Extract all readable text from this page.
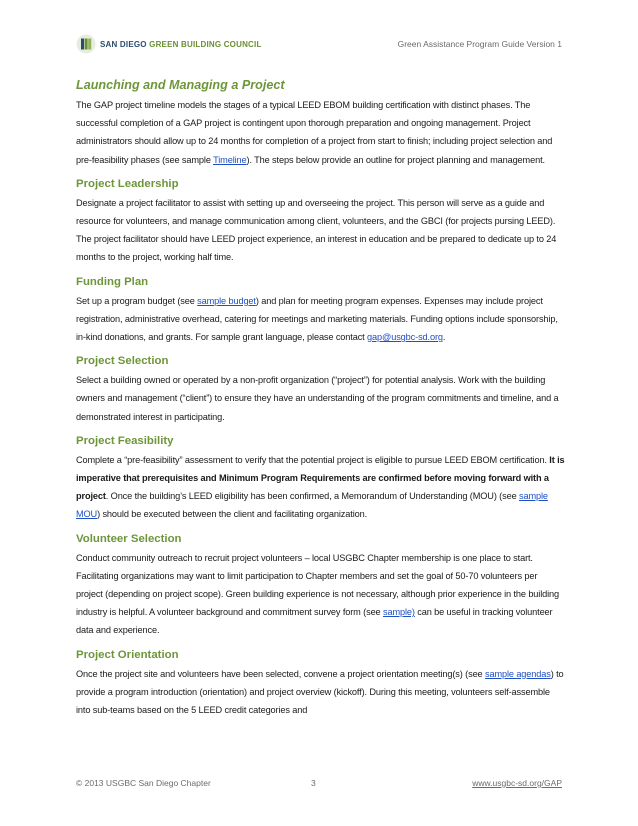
SAN DIEGO GREEN BUILDING COUNCIL	Green Assistance Program Guide Version 1
Launching and Managing a Project

The GAP project timeline models the stages of a typical LEED EBOM building certification with distinct phases. The successful completion of a GAP project is contingent upon thorough preparation and ongoing management. Project administrators should allow up to 24 months for completion of a project from start to finish; including project selection and pre-feasibility phases (see sample Timeline). The steps below provide an outline for project planning and management.

Project Leadership

Designate a project facilitator to assist with setting up and overseeing the project. This person will serve as a guide and resource for volunteers, and manage communication among client, volunteers, and the GBCI (for projects pursing LEED). The project facilitator should have LEED project experience, an interest in education and be prepared to dedicate up to 24 months to the project, working half time.

Funding Plan

Set up a program budget (see sample budget) and plan for meeting program expenses. Expenses may include project registration, administrative overhead, catering for meetings and marketing materials. Funding options include sponsorship, in-kind donations, and grants. For sample grant language, please contact gap@usgbc-sd.org.

Project Selection

Select a building owned or operated by a non-profit organization (“project”) for potential analysis. Work with the building owners and management (“client”) to ensure they have an understanding of the program commitments and timeline, and a demonstrated interest in participating.

Project Feasibility

Complete a “pre-feasibility” assessment to verify that the potential project is eligible to pursue LEED EBOM certification. It is imperative that prerequisites and Minimum Program Requirements are confirmed before moving forward with a project. Once the building’s LEED eligibility has been confirmed, a Memorandum of Understanding (MOU) (see sample MOU) should be executed between the client and facilitating organization.

Volunteer Selection

Conduct community outreach to recruit project volunteers – local USGBC Chapter membership is one place to start. Facilitating organizations may want to limit participation to Chapter members and set the goal of 50-70 volunteers per project (depending on project scope). Green building experience is not necessary, although prior experience in the building industry is helpful. A volunteer background and commitment survey form (see sample) can be useful in tracking volunteer data and experience.

Project Orientation

Once the project site and volunteers have been selected, convene a project orientation meeting(s) (see sample agendas) to provide a program introduction (orientation) and project overview (kickoff). During this meeting, volunteers self-assemble into sub-teams based on the 5 LEED credit categories and

© 2013 USGBC San Diego Chapter	3	www.usgbc-sd.org/GAP
